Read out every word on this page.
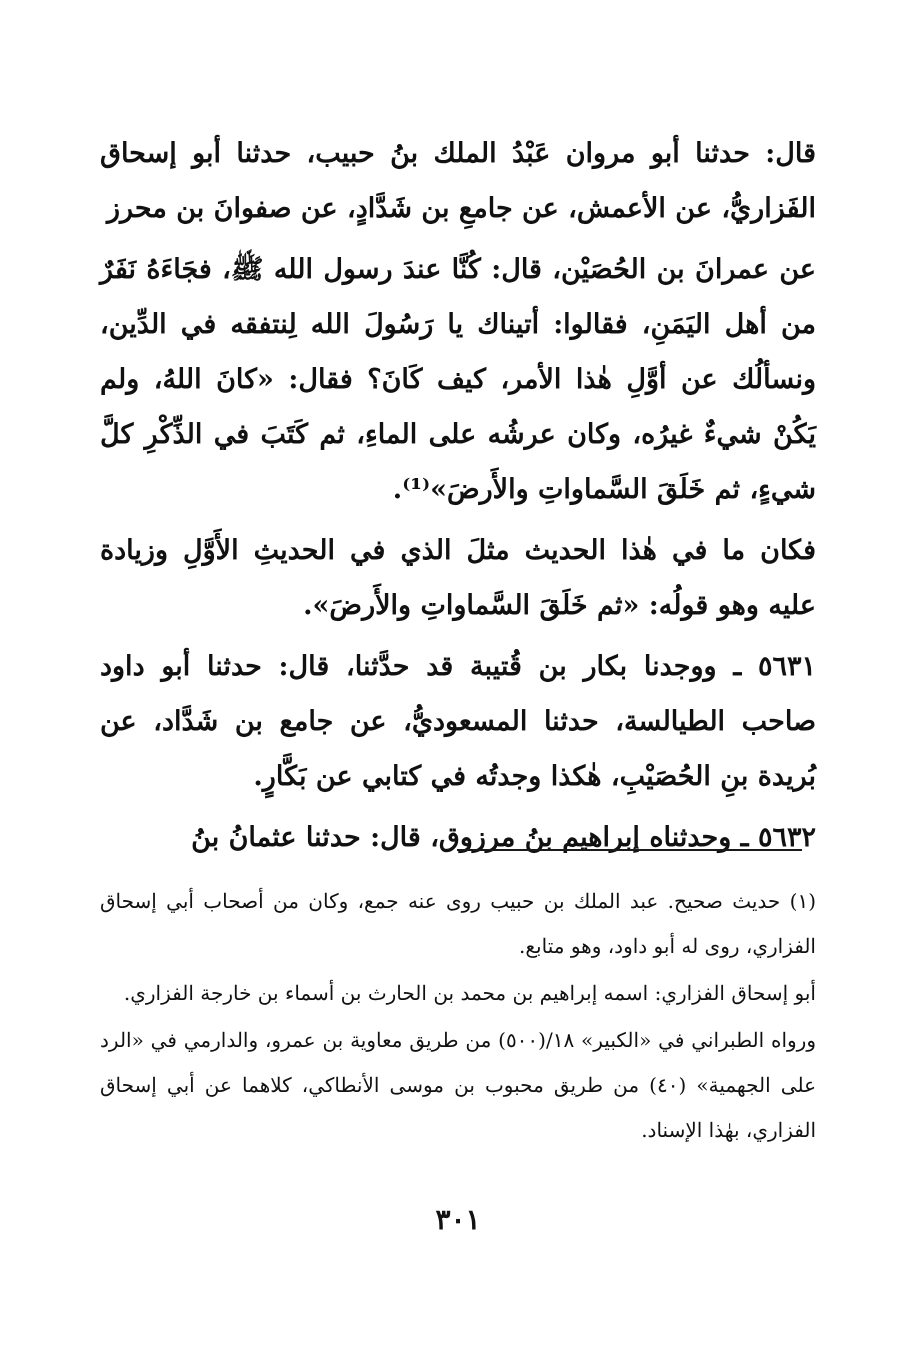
قال: حدثنا أبو مروان عَبْدُ الملك بنُ حبيب، حدثنا أبو إسحاق الفَزاريُّ، عن الأعمش، عن جامعِ بن شَدَّادٍ، عن صفوانَ بن محرز

عن عمرانَ بن الحُصَيْن، قال: كُنَّا عندَ رسول الله ﷺ، فجَاءَهُ نَفَرٌ من أهل اليَمَنِ، فقالوا: أتيناك يا رَسُولَ الله لِنتفقه في الدِّين، ونسألُك عن أوَّلِ هٰذا الأمر، كيف كَانَ؟ فقال: «كانَ اللهُ، ولم يَكُنْ شيءٌ غيرُه، وكان عرشُه على الماءِ، ثم كَتَبَ في الذِّكْرِ كلَّ شيءٍ، ثم خَلَقَ السَّماواتِ والأَرضَ»⁽¹⁾.

فكان ما في هٰذا الحديث مثلَ الذي في الحديثِ الأَوَّلِ وزيادة عليه وهو قولُه: «ثم خَلَقَ السَّماواتِ والأَرضَ».

٥٦٣١ ـ ووجدنا بكار بن قُتيبة قد حدَّثنا، قال: حدثنا أبو داود صاحب الطيالسة، حدثنا المسعوديُّ، عن جامع بن شَدَّاد، عن بُريدة بنِ الحُصَيْبِ، هٰكذا وجدتُه في كتابي عن بَكَّارٍ.

٥٦٣٢ ـ وحدثناه إبراهيم بنُ مرزوق، قال: حدثنا عثمانُ بنُ

(١) حديث صحيح. عبد الملك بن حبيب روى عنه جمع، وكان من أصحاب أبي إسحاق الفزاري، روى له أبو داود، وهو متابع.

أبو إسحاق الفزاري: اسمه إبراهيم بن محمد بن الحارث بن أسماء بن خارجة الفزاري.

ورواه الطبراني في «الكبير» ١٨/(٥٠٠) من طريق معاوية بن عمرو، والدارمي في «الرد على الجهمية» (٤٠) من طريق محبوب بن موسى الأنطاكي، كلاهما عن أبي إسحاق الفزاري، بهٰذا الإسناد.

٣٠١
